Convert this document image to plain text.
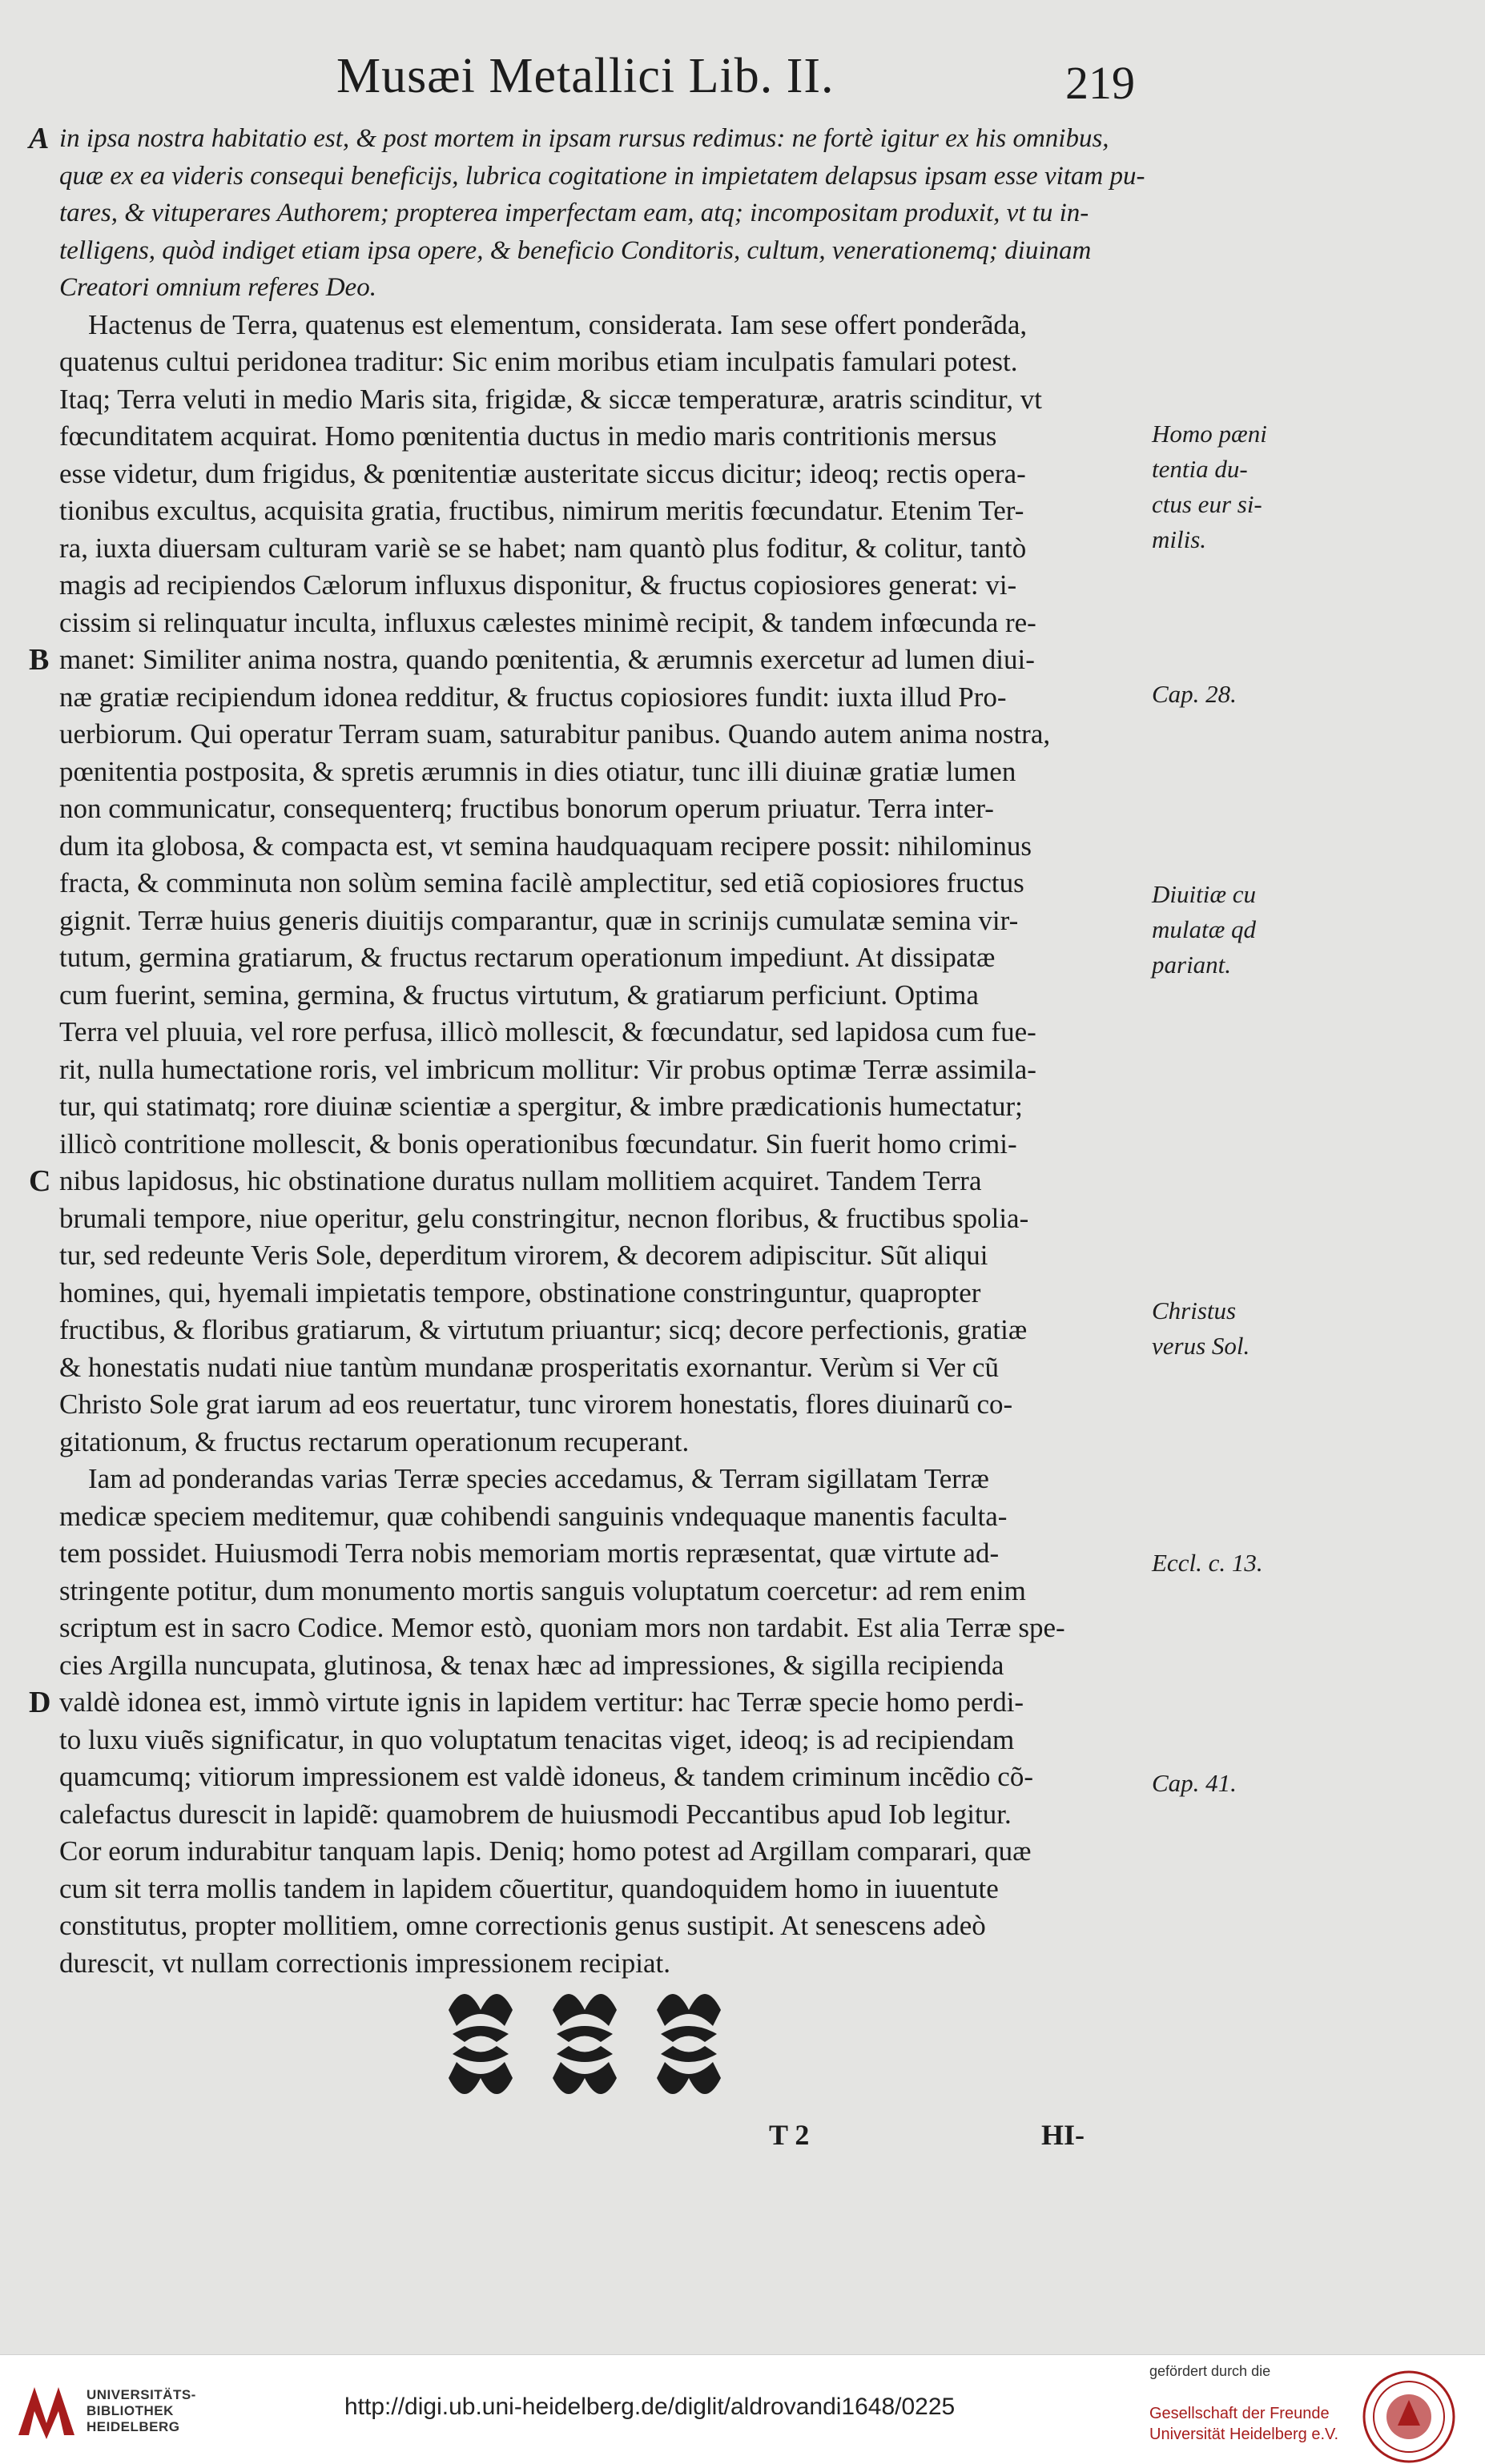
Musæi Metallici Lib. II.	219
A in ipsa nostra habitatio est, & post mortem in ipsam rursus redimus: ne fortè igitur ex his omnibus,
quæ ex ea videris consequi beneficijs, lubrica cogitatione in impietatem delapsus ipsam esse vitam pu-
tares, & vituperares Authorem; propterea imperfectam eam, atq; incompositam produxit, vt tu in-
telligens, quòd indiget etiam ipsa opere, & beneficio Conditoris, cultum, venerationemq; diuinam
Creatori omnium referes Deo.
Hactenus de Terra, quatenus est elementum, considerata. Iam sese offert ponderãda,
quatenus cultui peridonea traditur: Sic enim moribus etiam inculpatis famulari potest.
Itaq; Terra veluti in medio Maris sita, frigidæ, & siccæ temperaturæ, aratris scinditur, vt
fœcunditatem acquirat. Homo pœnitentia ductus in medio maris contritionis mersus
esse videtur, dum frigidus, & pœnitentiæ austeritate siccus dicitur; ideoq; rectis opera-
tionibus excultus, acquisita gratia, fructibus, nimirum meritis fœcundatur. Etenim Ter-
ra, iuxta diuersam culturam variè se se habet; nam quantò plus foditur, & colitur, tantò
magis ad recipiendos Cælorum influxus disponitur, & fructus copiosiores generat: vi-
cissim si relinquatur inculta, influxus cælestes minimè recipit, & tandem infœcunda re-
B manet: Similiter anima nostra, quando pœnitentia, & ærumnis exercetur ad lumen diui-
næ gratiæ recipiendum idonea redditur, & fructus copiosiores fundit: iuxta illud Pro-
uerbiorum. Qui operatur Terram suam, saturabitur panibus. Quando autem anima nostra,
pœnitentia postposita, & spretis ærumnis in dies otiatur, tunc illi diuinæ gratiæ lumen
non communicatur, consequenterq; fructibus bonorum operum priuatur. Terra inter-
dum ita globosa, & compacta est, vt semina haudquaquam recipere possit: nihilominus
fracta, & comminuta non solùm semina facilè amplectitur, sed etiã copiosiores fructus
gignit. Terræ huius generis diuitijs comparantur, quæ in scrinijs cumulatæ semina vir-
tutum, germina gratiarum, & fructus rectarum operationum impediunt. At dissipatæ
cum fuerint, semina, germina, & fructus virtutum, & gratiarum perficiunt. Optima
Terra vel pluuia, vel rore perfusa, illicò mollescit, & fœcundatur, sed lapidosa cum fue-
rit, nulla humectatione roris, vel imbricum mollitur: Vir probus optimæ Terræ assimila-
tur, qui statimatq; rore diuinæ scientiæ a spergitur, & imbre prædicationis humectatur;
illicò contritione mollescit, & bonis operationibus fœcundatur. Sin fuerit homo crimi-
C nibus lapidosus, hic obstinatione duratus nullam mollitiem acquiret. Tandem Terra
brumali tempore, niue operitur, gelu constringitur, necnon floribus, & fructibus spolia-
tur, sed redeunte Veris Sole, deperditum virorem, & decorem adipiscitur. Sũt aliqui
homines, qui, hyemali impietatis tempore, obstinatione constringuntur, quapropter
fructibus, & floribus gratiarum, & virtutum priuantur; sicq; decore perfectionis, gratiæ
& honestatis nudati niue tantùm mundanæ prosperitatis exornantur. Verùm si Ver cũ
Christo Sole grat iarum ad eos reuertatur, tunc virorem honestatis, flores diuinarũ co-
gitationum, & fructus rectarum operationum recuperant.
Iam ad ponderandas varias Terræ species accedamus, & Terram sigillatam Terræ
medicæ speciem meditemur, quæ cohibendi sanguinis vndequaque manentis faculta-
tem possidet. Huiusmodi Terra nobis memoriam mortis repræsentat, quæ virtute ad-
stringente potitur, dum monumento mortis sanguis voluptatum coercetur: ad rem enim
scriptum est in sacro Codice. Memor estò, quoniam mors non tardabit. Est alia Terræ spe-
cies Argilla nuncupata, glutinosa, & tenax hæc ad impressiones, & sigilla recipienda
D valdè idonea est, immò virtute ignis in lapidem vertitur: hac Terræ specie homo perdi-
to luxu viuẽs significatur, in quo voluptatum tenacitas viget, ideoq; is ad recipiendam
quamcumq; vitiorum impressionem est valdè idoneus, & tandem criminum incẽdio cõ-
calefactus durescit in lapidẽ: quamobrem de huiusmodi Peccantibus apud Iob legitur.
Cor eorum indurabitur tanquam lapis. Deniq; homo potest ad Argillam comparari, quæ
cum sit terra mollis tandem in lapidem cõuertitur, quandoquidem homo in iuuentute
constitutus, propter mollitiem, omne correctionis genus sustipit. At senescens adeò
durescit, vt nullam correctionis impressionem recipiat.
Homo pæni
tentia du-
ctus eur si-
milis.
Cap. 28.
Diuitiæ cu
mulatæ qd
pariant.
Christus
verus Sol.
Eccl. c. 13.
Cap. 41.
T 2	HI-
UNIVERSITÄTS-
BIBLIOTHEK
HEIDELBERG
http://digi.ub.uni-heidelberg.de/diglit/aldrovandi1648/0225
gefördert durch die
Gesellschaft der Freunde
Universität Heidelberg e.V.
